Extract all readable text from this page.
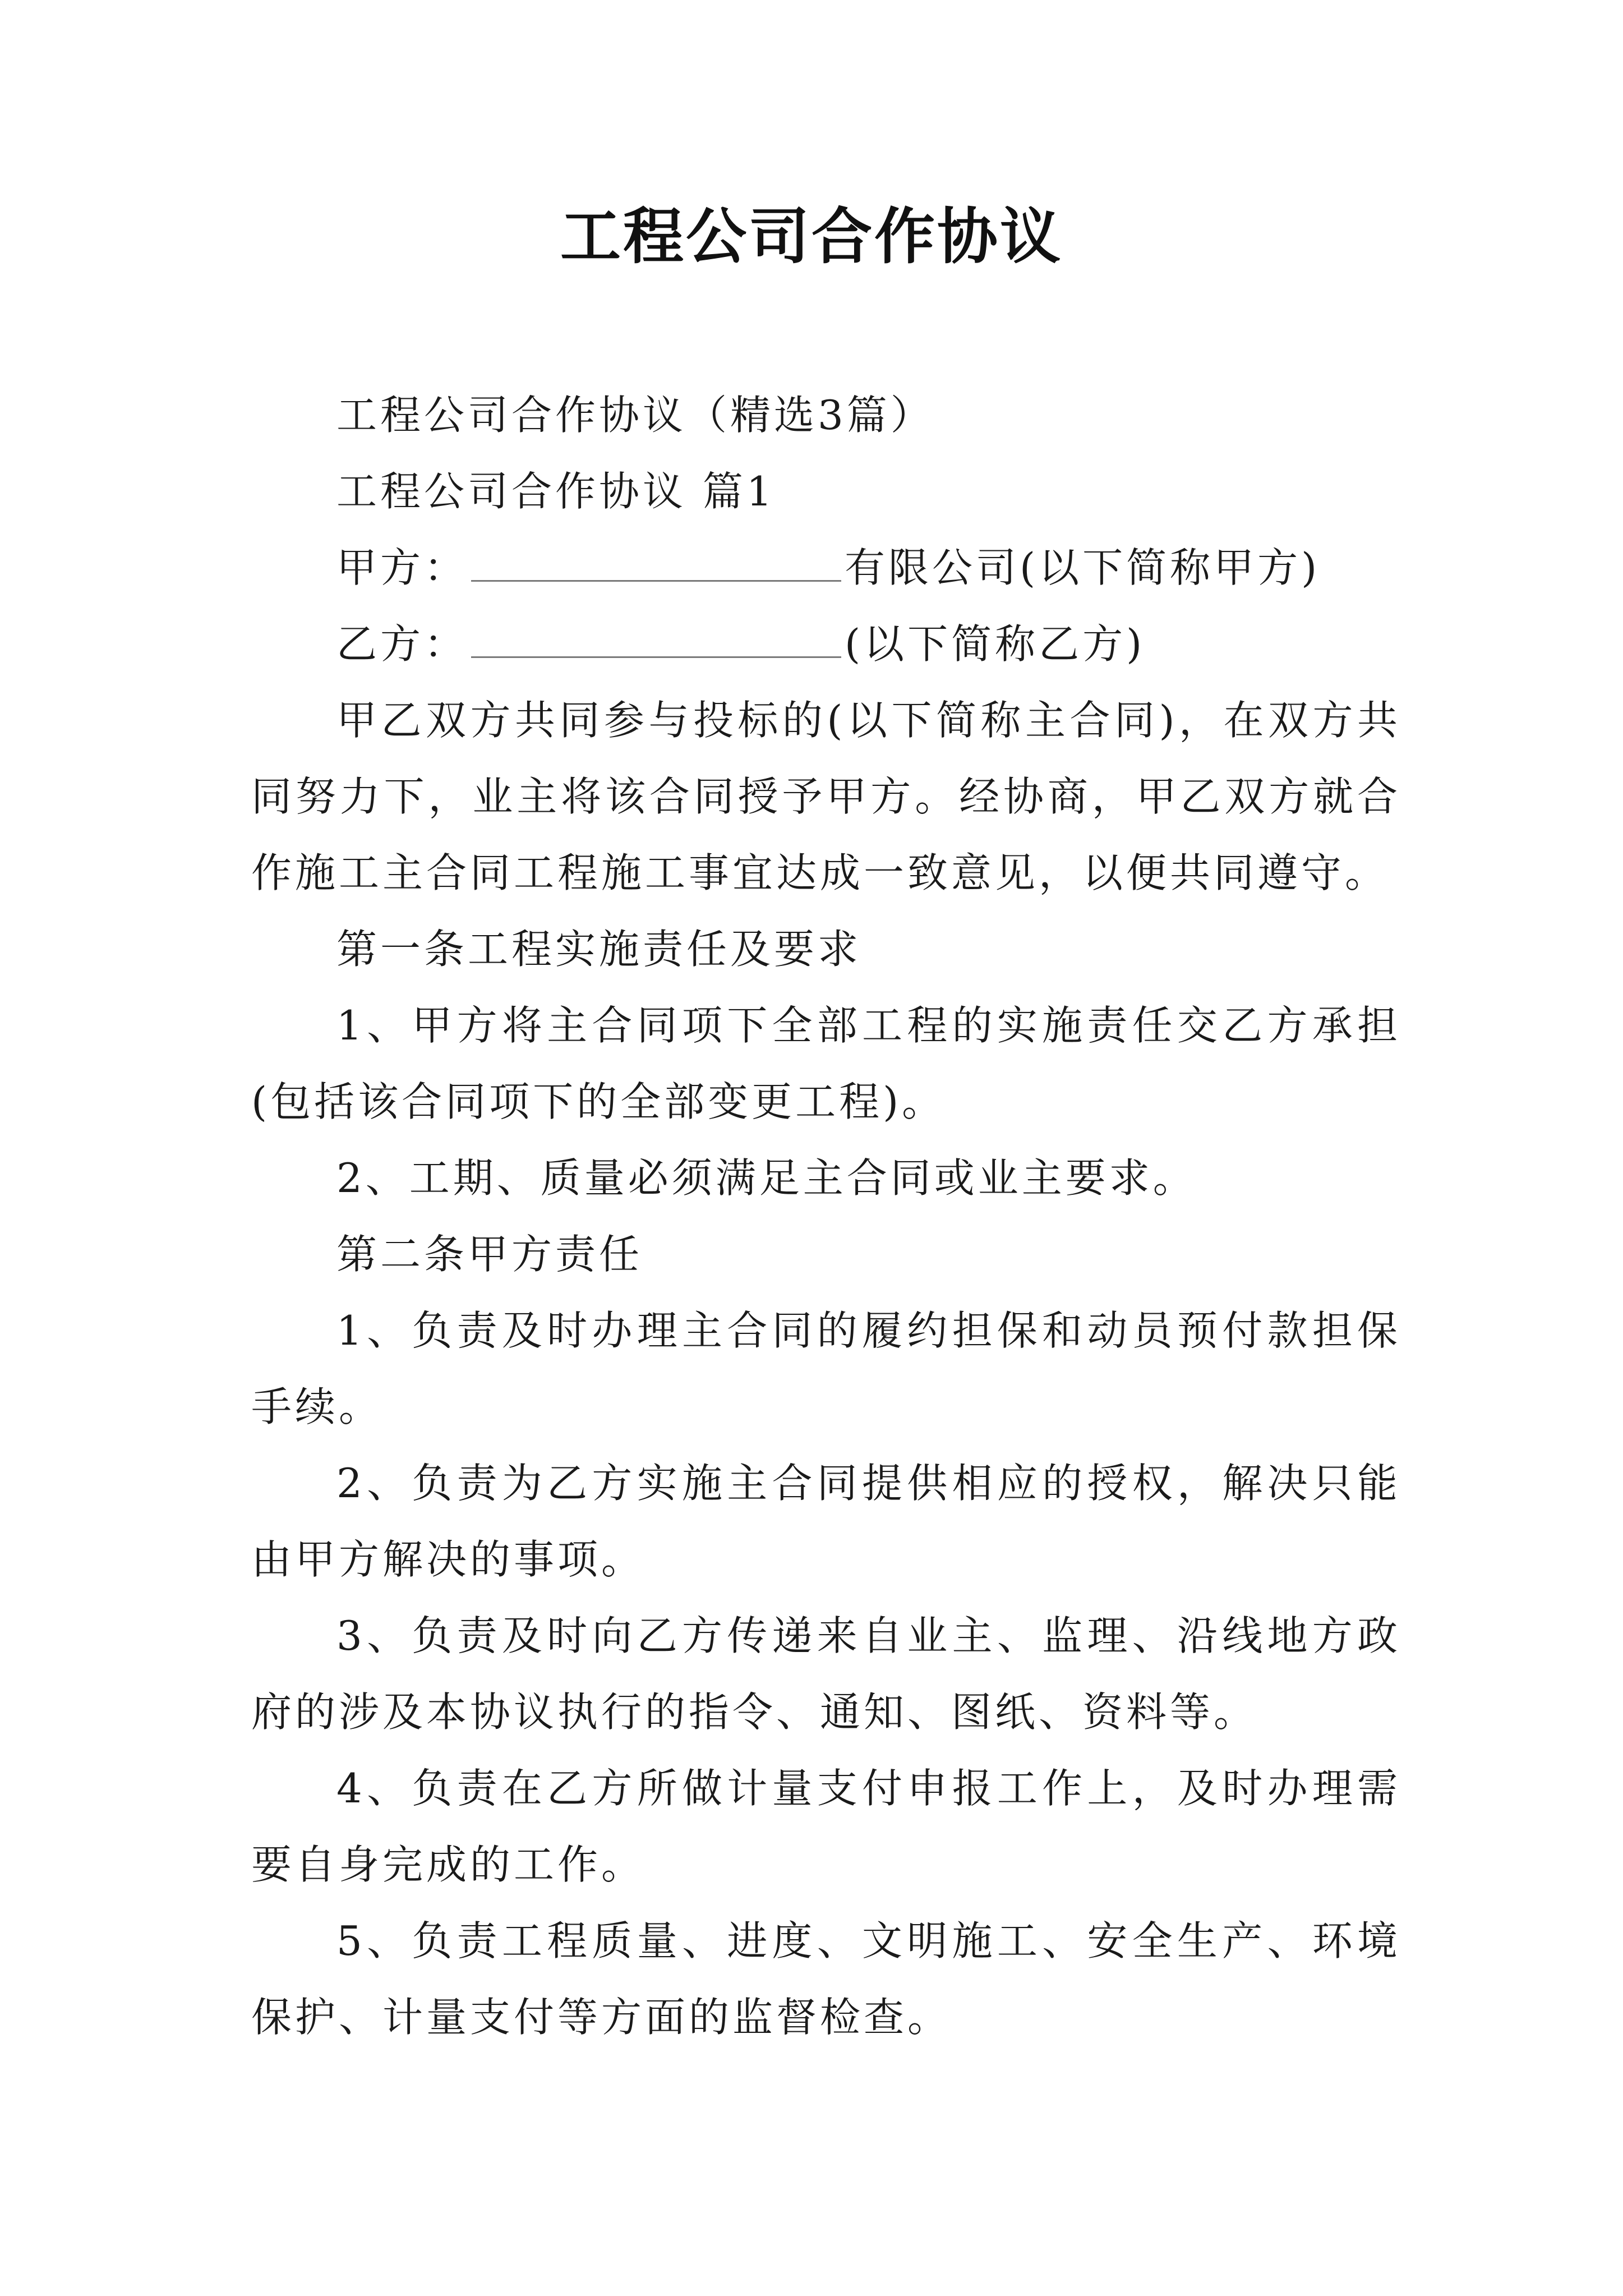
工程公司合作协议

工程公司合作协议（精选3篇）

工程公司合作协议 篇1

甲方：	有限公司(以下简称甲方)

乙方：	(以下简称乙方)

甲乙双方共同参与投标的(以下简称主合同)，在双方共同努力下，业主将该合同授予甲方。经协商，甲乙双方就合作施工主合同工程施工事宜达成一致意见，以便共同遵守。

第一条工程实施责任及要求

1、甲方将主合同项下全部工程的实施责任交乙方承担(包括该合同项下的全部变更工程)。

2、工期、质量必须满足主合同或业主要求。

第二条甲方责任

1、负责及时办理主合同的履约担保和动员预付款担保手续。

2、负责为乙方实施主合同提供相应的授权，解决只能由甲方解决的事项。

3、负责及时向乙方传递来自业主、监理、沿线地方政府的涉及本协议执行的指令、通知、图纸、资料等。

4、负责在乙方所做计量支付申报工作上，及时办理需要自身完成的工作。

5、负责工程质量、进度、文明施工、安全生产、环境保护、计量支付等方面的监督检查。
